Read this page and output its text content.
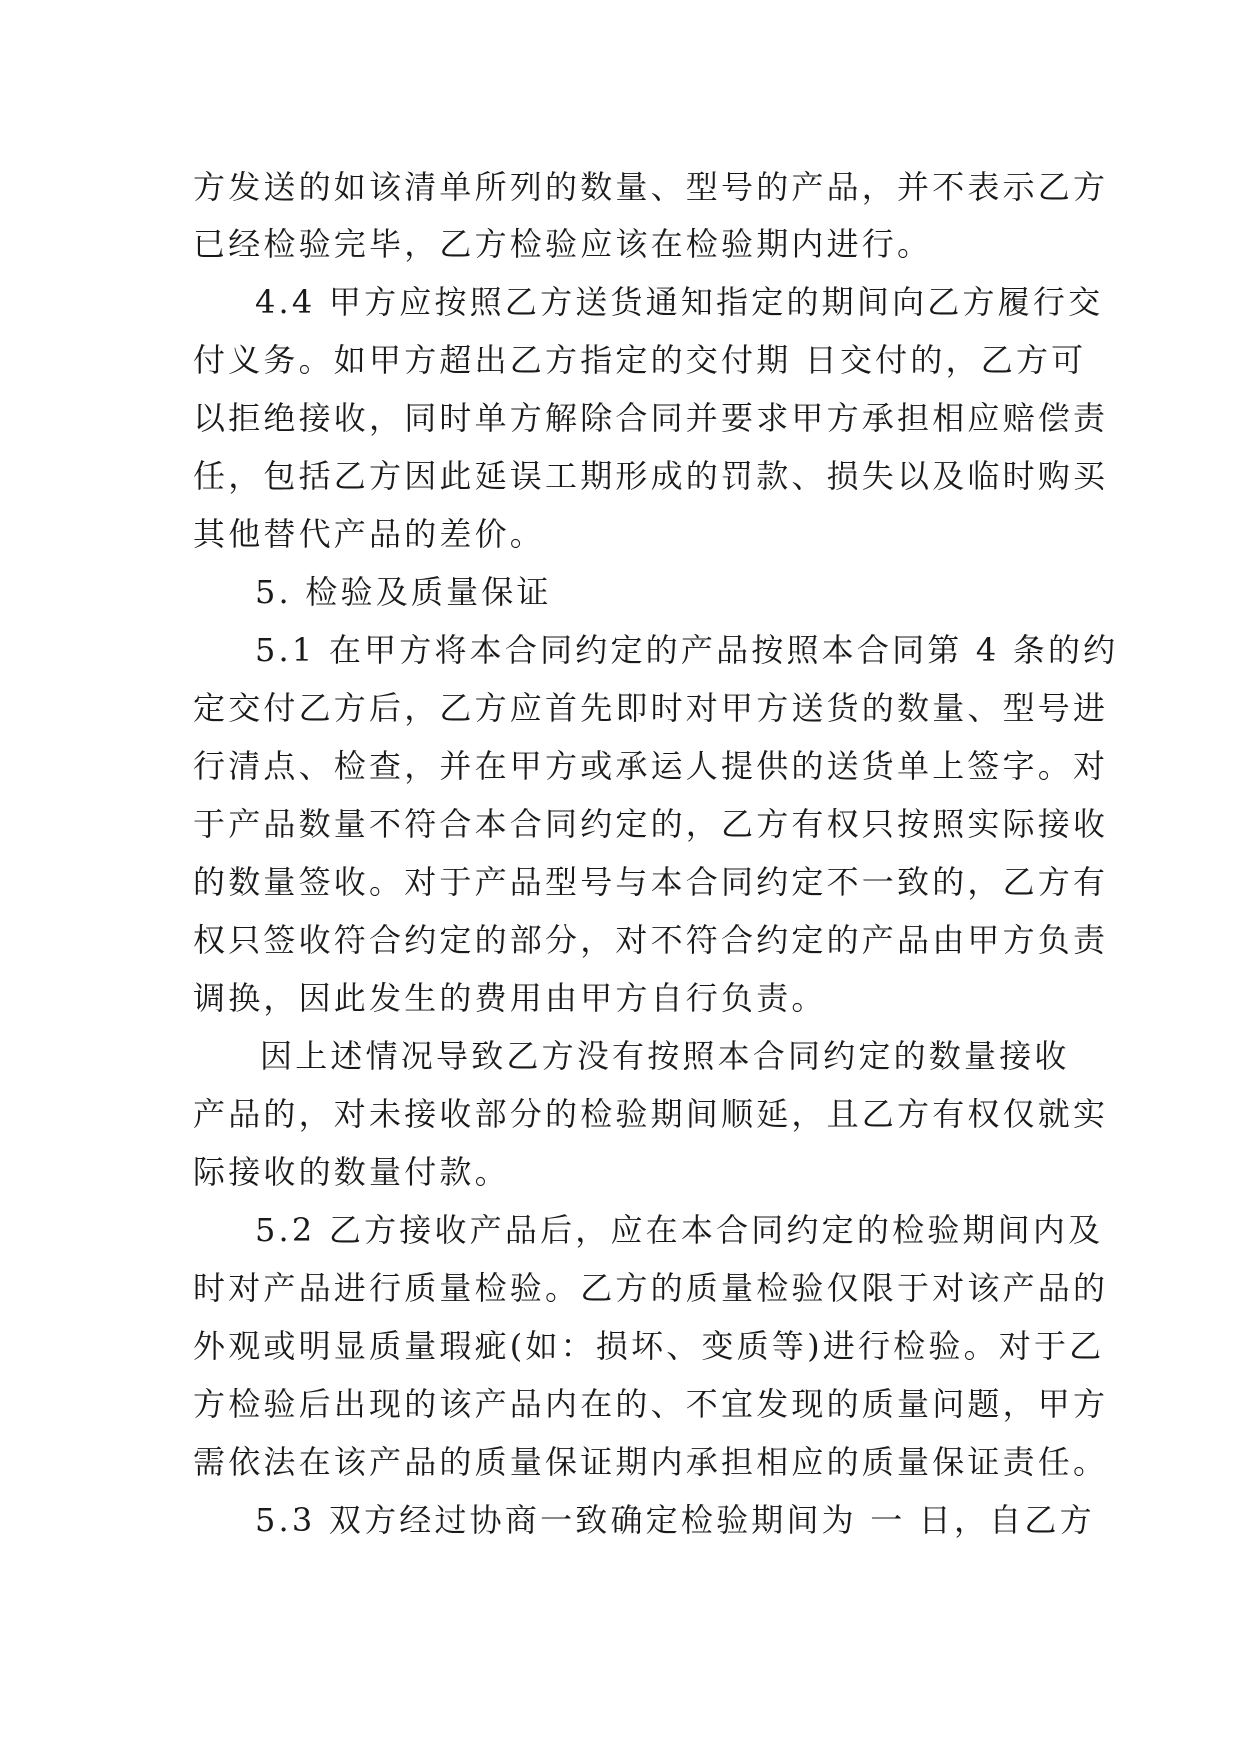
方发送的如该清单所列的数量、型号的产品，并不表示乙方
已经检验完毕，乙方检验应该在检验期内进行。
4.4 甲方应按照乙方送货通知指定的期间向乙方履行交
付义务。如甲方超出乙方指定的交付期 日交付的，乙方可
以拒绝接收，同时单方解除合同并要求甲方承担相应赔偿责
任，包括乙方因此延误工期形成的罚款、损失以及临时购买
其他替代产品的差价。
5. 检验及质量保证
5.1 在甲方将本合同约定的产品按照本合同第 4 条的约
定交付乙方后，乙方应首先即时对甲方送货的数量、型号进
行清点、检查，并在甲方或承运人提供的送货单上签字。对
于产品数量不符合本合同约定的，乙方有权只按照实际接收
的数量签收。对于产品型号与本合同约定不一致的，乙方有
权只签收符合约定的部分，对不符合约定的产品由甲方负责
调换，因此发生的费用由甲方自行负责。
因上述情况导致乙方没有按照本合同约定的数量接收
产品的，对未接收部分的检验期间顺延，且乙方有权仅就实
际接收的数量付款。
5.2 乙方接收产品后，应在本合同约定的检验期间内及
时对产品进行质量检验。乙方的质量检验仅限于对该产品的
外观或明显质量瑕疵(如：损坏、变质等)进行检验。对于乙
方检验后出现的该产品内在的、不宜发现的质量问题，甲方
需依法在该产品的质量保证期内承担相应的质量保证责任。
5.3 双方经过协商一致确定检验期间为 一 日，自乙方
